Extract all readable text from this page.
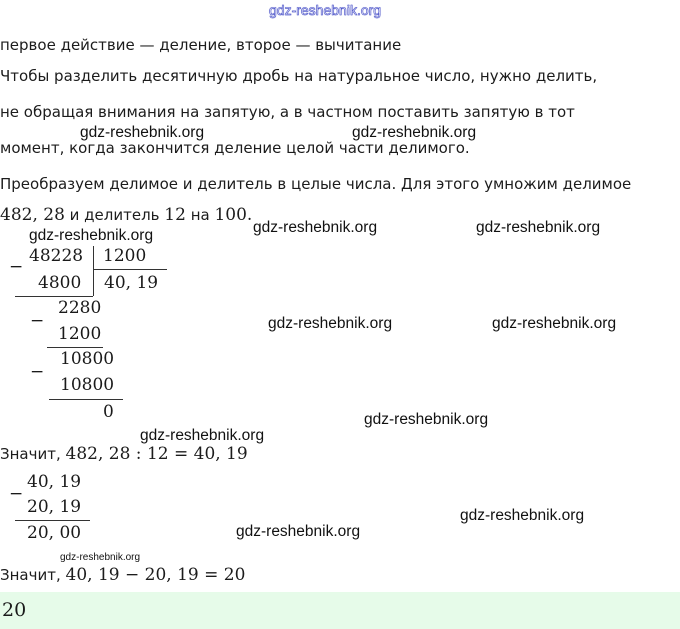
gdz-reshebnik.org
первое действие — деление, второе — вычитание
Чтобы разделить десятичную дробь на натуральное число, нужно делить,
не обращая внимания на запятую, а в частном поставить запятую в тот
момент, когда закончится деление целой части делимого.
Преобразуем делимое и делитель в целые числа. Для этого умножим делимое
482, 28 и делитель 12 на 100.
−
48228 1200
4800 40, 19
−
2280
1200
−
10800
10800
0
Значит, 482, 28 : 12 = 40, 19
−
40, 19
20, 19
20, 00
Значит, 40, 19 − 20, 19 = 20
20
gdz-reshebnik.org	gdz-reshebnik.org
gdz-reshebnik.org	gdz-reshebnik.org	gdz-reshebnik.org
gdz-reshebnik.org	gdz-reshebnik.org
gdz-reshebnik.org
gdz-reshebnik.org
gdz-reshebnik.org
gdz-reshebnik.org
gdz-reshebnik.org
